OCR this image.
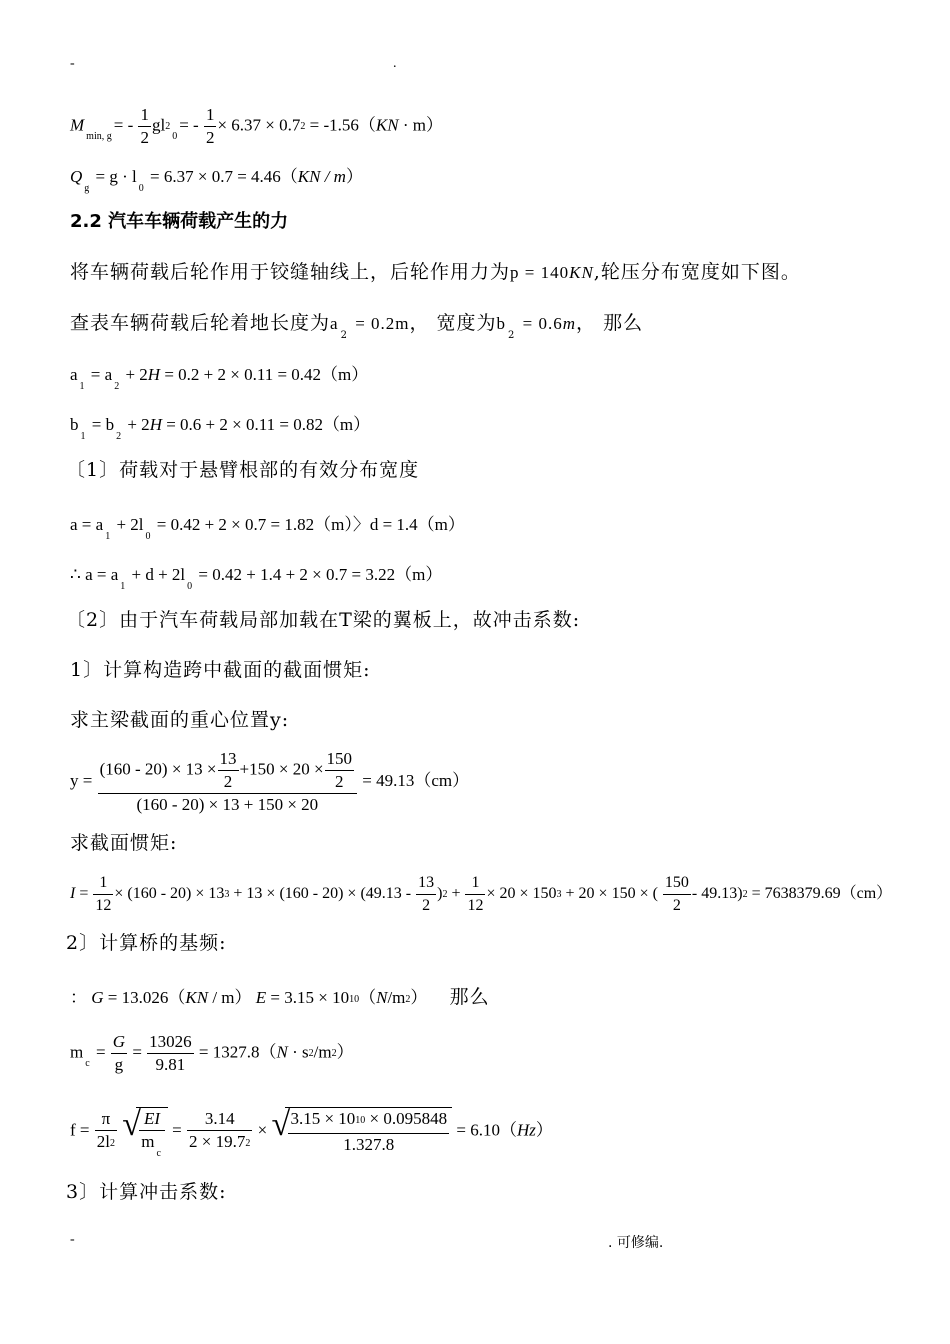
-	.
$M_{min, g}= - \frac{1}{2} gl2_0= - \frac{1}{2} \times 6.37 \times 0.72 = -1.56(KN \cdot m)$
$Q_g = g \cdot l_0 = 6.37 \times 0.7 = 4.46(KN / m)$
2.2 汽车车辆荷载产生的力
将车辆荷载后轮作用于铰缝轴线上，后轮作用力为p = 140KN,轮压分布宽度如下图。
查表车辆荷载后轮着地长度为$a_2 = 0.2m$， 宽度为$b_2 = 0.6m$， 那么
$a_1 = a_2 + 2H = 0.2 + 2 \times 0.11 = 0.42(m)$
$b_1 = b_2 + 2H = 0.6 + 2 \times 0.11 = 0.82(m)$
〔1〕荷载对于悬臂根部的有效分布宽度
$a = a_1 + 2l_0 = 0.42 + 2 \times 0.7 = 1.82(m)$〉d = 1.4（m）
∴ $a = a_1 + d + 2l_0 = 0.42 + 1.4 + 2 \times 0.7 = 3.22(m)$
〔2〕由于汽车荷载局部加载在T梁的翼板上，故冲击系数:
1〕计算构造跨中截面的截面惯矩:
求主梁截面的重心位置y:
$y = \frac{(160 - 20) \times 13 \times \frac{13}{2} +150 \times 20 \times \frac{150}{2}}{(160 - 20) \times 13 + 150 \times 20} = 49.13(cm)$
求截面惯矩:
$I = \frac{1}{12} \times (160 - 20) \times 133 + 13 \times (160 - 20) \times (49.13 - \frac{13}{2} )2 + \frac{1}{12} \times 20 \times 1503 + 20 \times 150$ × ( $\frac{150}{2} - 49.13)2 = 7638379.69(cm)$
2〕计算桥的基频:
： G = 13.026（KN / m） E = 3.15 × 1010（N/m2） 那么
$m_c = \frac{G}{g} = \frac{13026}{9.81} = 1327.8(N \cdot s2/m2)$
$f = \frac{\pi}{2l2}$
√
$\frac{EI}{m_c} = \frac{3.14}{2 \times 19.72}$ × √
$\frac{3.15 \times 1010 \times 0.095848}{1.327.8} = 6.10(Hz)$
3〕计算冲击系数:
-	. 可修编.
